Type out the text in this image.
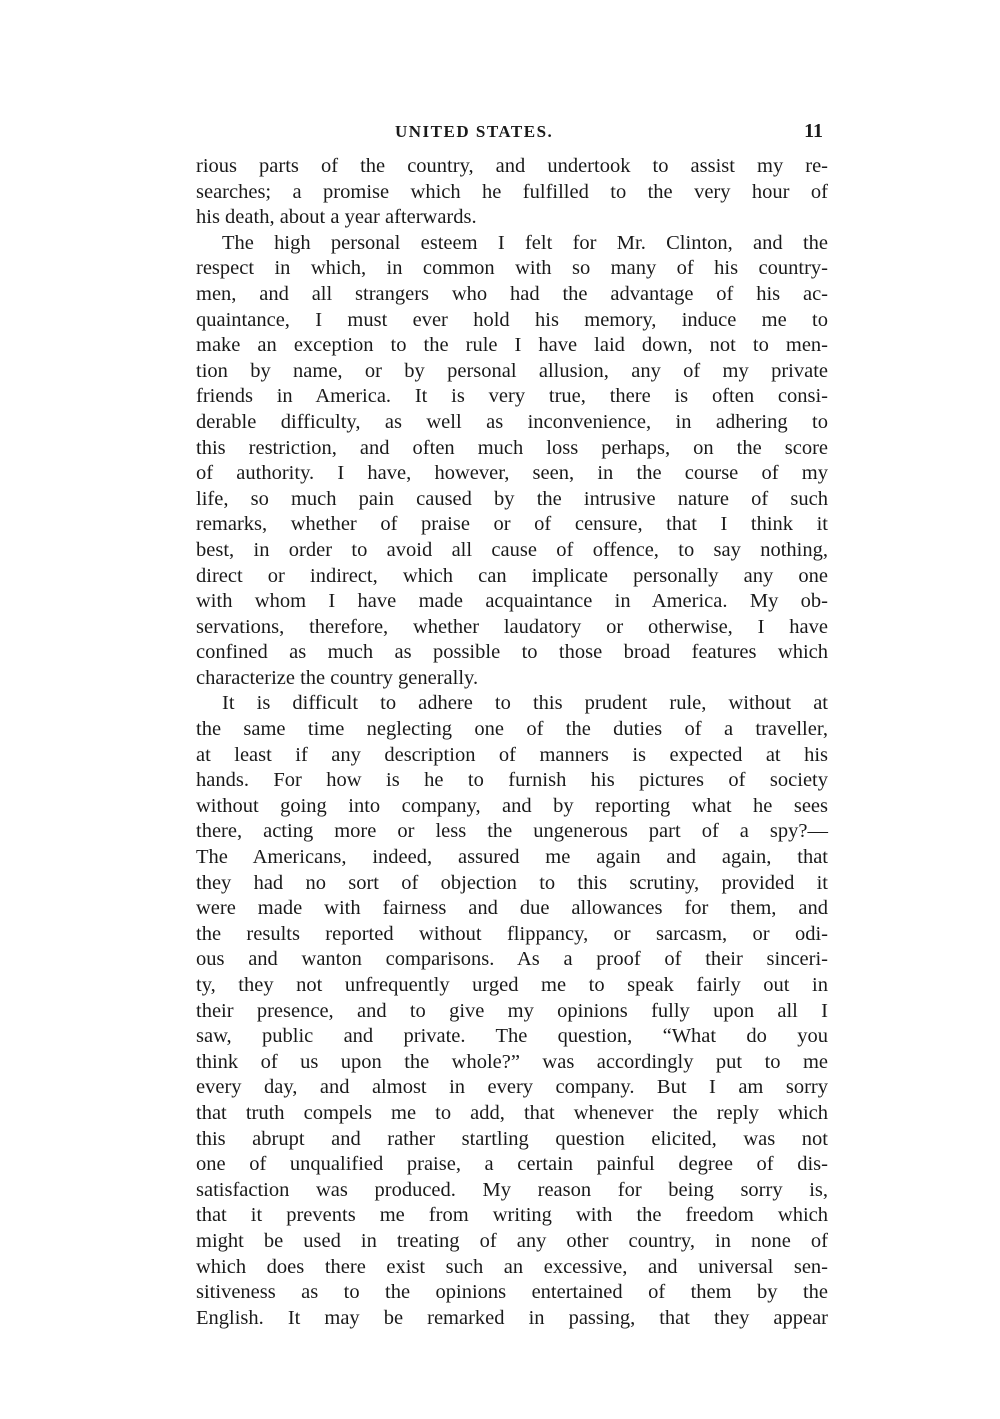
UNITED STATES.	11
rious parts of the country, and undertook to assist my re-
searches; a promise which he fulfilled to the very hour of
his death, about a year afterwards.
The high personal esteem I felt for Mr. Clinton, and the
respect in which, in common with so many of his country-
men, and all strangers who had the advantage of his ac-
quaintance, I must ever hold his memory, induce me to
make an exception to the rule I have laid down, not to men-
tion by name, or by personal allusion, any of my private
friends in America. It is very true, there is often consi-
derable difficulty, as well as inconvenience, in adhering to
this restriction, and often much loss perhaps, on the score
of authority. I have, however, seen, in the course of my
life, so much pain caused by the intrusive nature of such
remarks, whether of praise or of censure, that I think it
best, in order to avoid all cause of offence, to say nothing,
direct or indirect, which can implicate personally any one
with whom I have made acquaintance in America. My ob-
servations, therefore, whether laudatory or otherwise, I have
confined as much as possible to those broad features which
characterize the country generally.
It is difficult to adhere to this prudent rule, without at
the same time neglecting one of the duties of a traveller,
at least if any description of manners is expected at his
hands. For how is he to furnish his pictures of society
without going into company, and by reporting what he sees
there, acting more or less the ungenerous part of a spy?—
The Americans, indeed, assured me again and again, that
they had no sort of objection to this scrutiny, provided it
were made with fairness and due allowances for them, and
the results reported without flippancy, or sarcasm, or odi-
ous and wanton comparisons. As a proof of their sinceri-
ty, they not unfrequently urged me to speak fairly out in
their presence, and to give my opinions fully upon all I
saw, public and private. The question, “What do you
think of us upon the whole?” was accordingly put to me
every day, and almost in every company. But I am sorry
that truth compels me to add, that whenever the reply which
this abrupt and rather startling question elicited, was not
one of unqualified praise, a certain painful degree of dis-
satisfaction was produced. My reason for being sorry is,
that it prevents me from writing with the freedom which
might be used in treating of any other country, in none of
which does there exist such an excessive, and universal sen-
sitiveness as to the opinions entertained of them by the
English. It may be remarked in passing, that they appear
